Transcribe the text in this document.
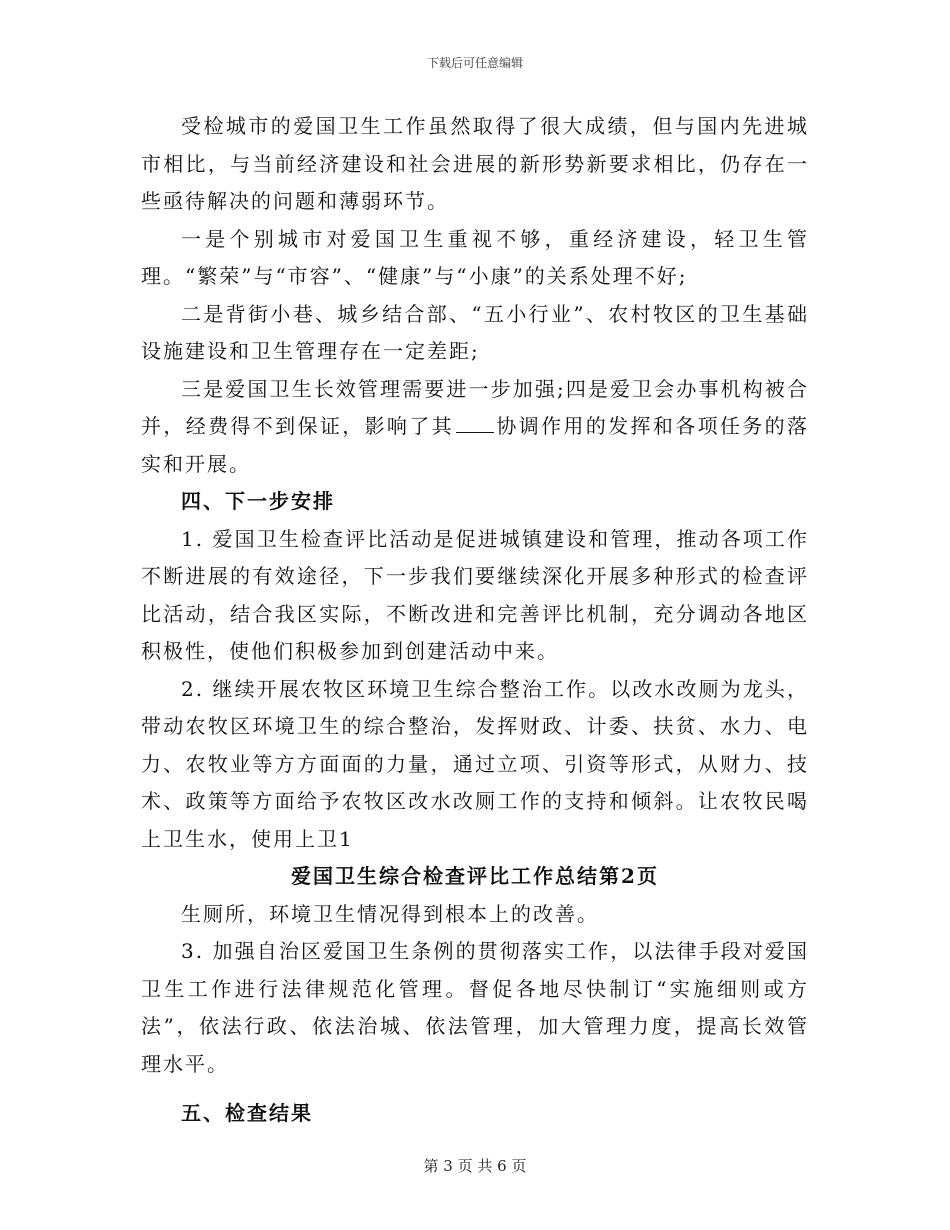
下载后可任意编辑

受检城市的爱国卫生工作虽然取得了很大成绩，但与国内先进城市相比，与当前经济建设和社会进展的新形势新要求相比，仍存在一些亟待解决的问题和薄弱环节。

一是个别城市对爱国卫生重视不够，重经济建设，轻卫生管理。“繁荣”与“市容”、“健康”与“小康”的关系处理不好;

二是背街小巷、城乡结合部、“五小行业”、农村牧区的卫生基础设施建设和卫生管理存在一定差距;

三是爱国卫生长效管理需要进一步加强;四是爱卫会办事机构被合并，经费得不到保证，影响了其 协调作用的发挥和各项任务的落实和开展。

四、下一步安排

1. 爱国卫生检查评比活动是促进城镇建设和管理，推动各项工作不断进展的有效途径，下一步我们要继续深化开展多种形式的检查评比活动，结合我区实际，不断改进和完善评比机制，充分调动各地区积极性，使他们积极参加到创建活动中来。

2. 继续开展农牧区环境卫生综合整治工作。以改水改厕为龙头，带动农牧区环境卫生的综合整治，发挥财政、计委、扶贫、水力、电力、农牧业等方方面面的力量，通过立项、引资等形式，从财力、技术、政策等方面给予农牧区改水改厕工作的支持和倾斜。让农牧民喝上卫生水，使用上卫1

爱国卫生综合检查评比工作总结第2页

生厕所，环境卫生情况得到根本上的改善。

3. 加强自治区爱国卫生条例的贯彻落实工作，以法律手段对爱国卫生工作进行法律规范化管理。督促各地尽快制订“实施细则或方法”，依法行政、依法治城、依法管理，加大管理力度，提高长效管理水平。

五、检查结果

第 3 页 共 6 页
